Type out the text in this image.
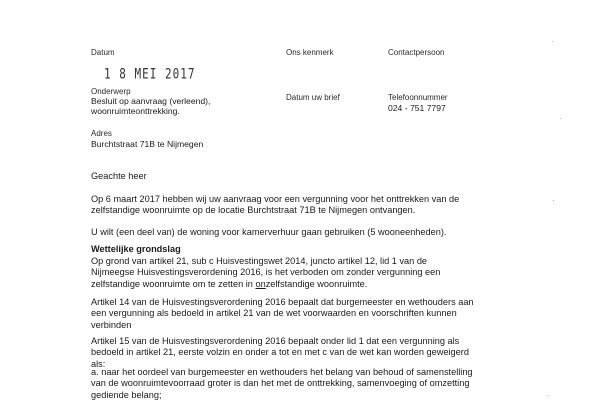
Datum
1 8 MEI 2017
Onderwerp
Besluit op aanvraag (verleend),
woonruimteonttrekking.
Adres
Burchtstraat 71B te Nijmegen
Ons kenmerk	Contactpersoon
Datum uw brief	Telefoonnummer
024 - 751 7797
Geachte heer
Op 6 maart 2017 hebben wij uw aanvraag voor een vergunning voor het onttrekken van de
zelfstandige woonruimte op de locatie Burchtstraat 71B te Nijmegen ontvangen.
U wilt (een deel van) de woning voor kamerverhuur gaan gebruiken (5 wooneenheden).
Wettelijke grondslag
Op grond van artikel 21, sub c Huisvestingswet 2014, juncto artikel 12, lid 1 van de
Nijmeegse Huisvestingsverordening 2016, is het verboden om zonder vergunning een
zelfstandige woonruimte om te zetten in onzelfstandige woonruimte.
Artikel 14 van de Huisvestingsverordening 2016 bepaalt dat burgemeester en wethouders aan
een vergunning als bedoeld in artikel 21 van de wet voorwaarden en voorschriften kunnen
verbinden
Artikel 15 van de Huisvestingsverordening 2016 bepaalt onder lid 1 dat een vergunning als
bedoeld in artikel 21, eerste volzin en onder a tot en met c van de wet kan worden geweigerd
als:
a. naar het oordeel van burgemeester en wethouders het belang van behoud of samenstelling
van de woonruimtevoorraad groter is dan het met de onttrekking, samenvoeging of omzetting
gediende belang;
